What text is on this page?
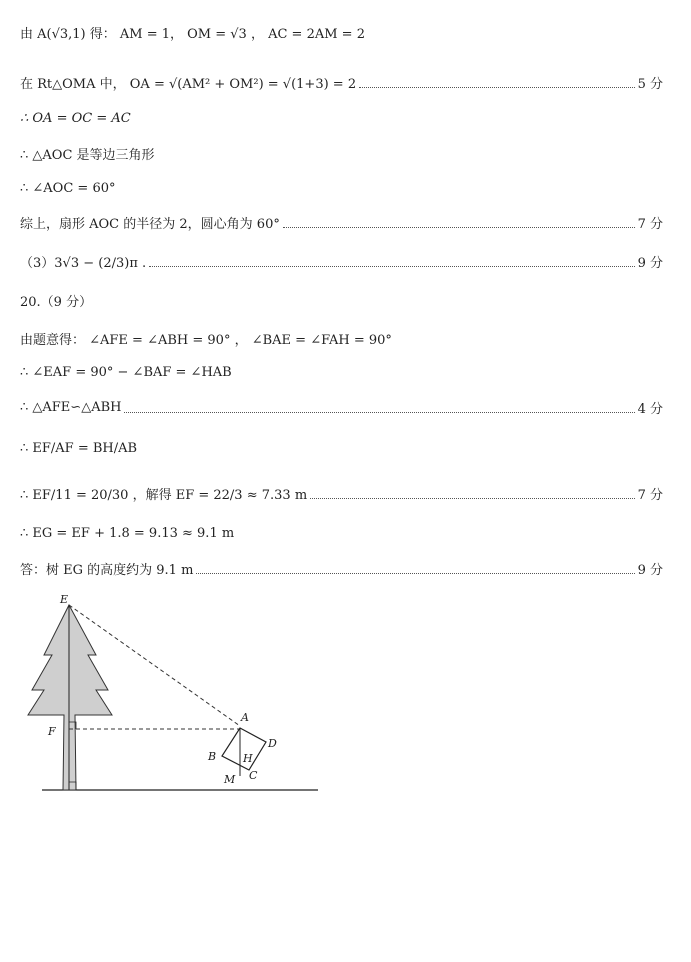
由 A(√3,1) 得： AM = 1， OM = √3 ， AC = 2AM = 2
在 Rt△OMA 中， OA = √(AM² + OM²) = √(1+3) = 2	5 分
∴ OA = OC = AC
∴ △AOC 是等边三角形
∴ ∠AOC = 60°
综上，扇形 AOC 的半径为 2，圆心角为 60°	7 分
（3）3√3 − (2/3)π .	9 分
20.（9 分）
由题意得： ∠AFE = ∠ABH = 90° ， ∠BAE = ∠FAH = 90°
∴ ∠EAF = 90° − ∠BAF = ∠HAB
∴ △AFE∽△ABH	4 分
∴ EF/AF = BH/AB
∴ EF/11 = 20/30 ，解得 EF = 22/3 ≈ 7.33 m	7 分
∴ EG = EF + 1.8 = 9.13 ≈ 9.1 m
答：树 EG 的高度约为 9.1 m	9 分
E
F
A
D
B H
C
M
